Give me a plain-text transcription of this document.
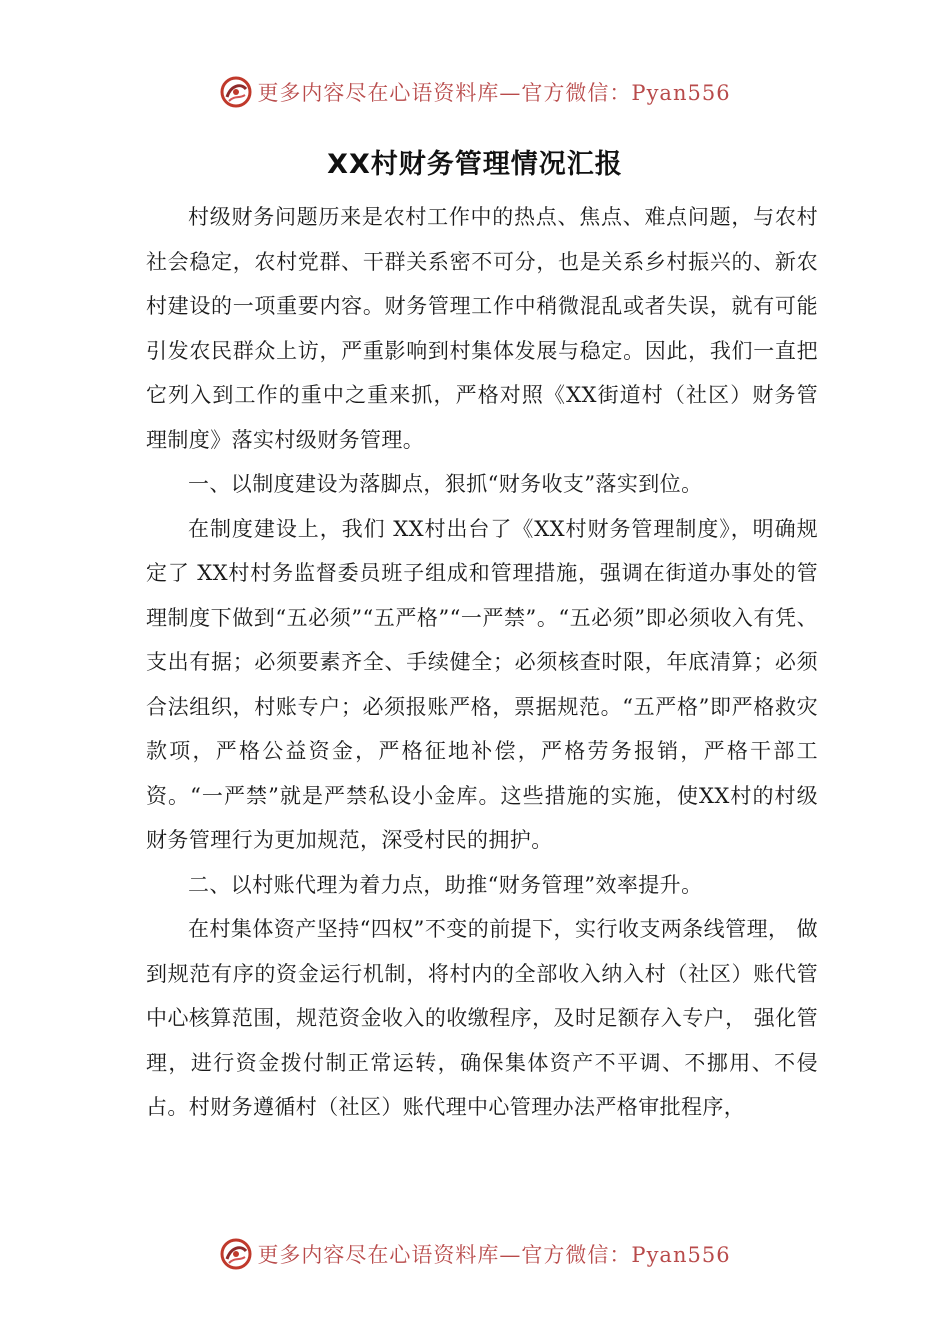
更多内容尽在心语资料库—官方微信：Pyan556
XX村财务管理情况汇报

村级财务问题历来是农村工作中的热点、焦点、难点问题，与农村社会稳定，农村党群、干群关系密不可分，也是关系乡村振兴的、新农村建设的一项重要内容。财务管理工作中稍微混乱或者失误，就有可能引发农民群众上访，严重影响到村集体发展与稳定。因此，我们一直把它列入到工作的重中之重来抓，严格对照《XX街道村（社区）财务管理制度》落实村级财务管理。

一、以制度建设为落脚点，狠抓“财务收支”落实到位。

在制度建设上，我们 XX村出台了《XX村财务管理制度》，明确规定了 XX村村务监督委员班子组成和管理措施，强调在街道办事处的管理制度下做到“五必须”“五严格”“一严禁”。“五必须”即必须收入有凭、支出有据；必须要素齐全、手续健全；必须核查时限，年底清算；必须合法组织，村账专户；必须报账严格，票据规范。“五严格”即严格救灾款项，严格公益资金，严格征地补偿，严格劳务报销，严格干部工资。“一严禁”就是严禁私设小金库。这些措施的实施，使XX村的村级财务管理行为更加规范，深受村民的拥护。

二、以村账代理为着力点，助推“财务管理”效率提升。

在村集体资产坚持“四权”不变的前提下，实行收支两条线管理， 做到规范有序的资金运行机制，将村内的全部收入纳入村（社区）账代管中心核算范围，规范资金收入的收缴程序，及时足额存入专户， 强化管理，进行资金拨付制正常运转，确保集体资产不平调、不挪用、不侵占。村财务遵循村（社区）账代理中心管理办法严格审批程序，

更多内容尽在心语资料库—官方微信：Pyan556
